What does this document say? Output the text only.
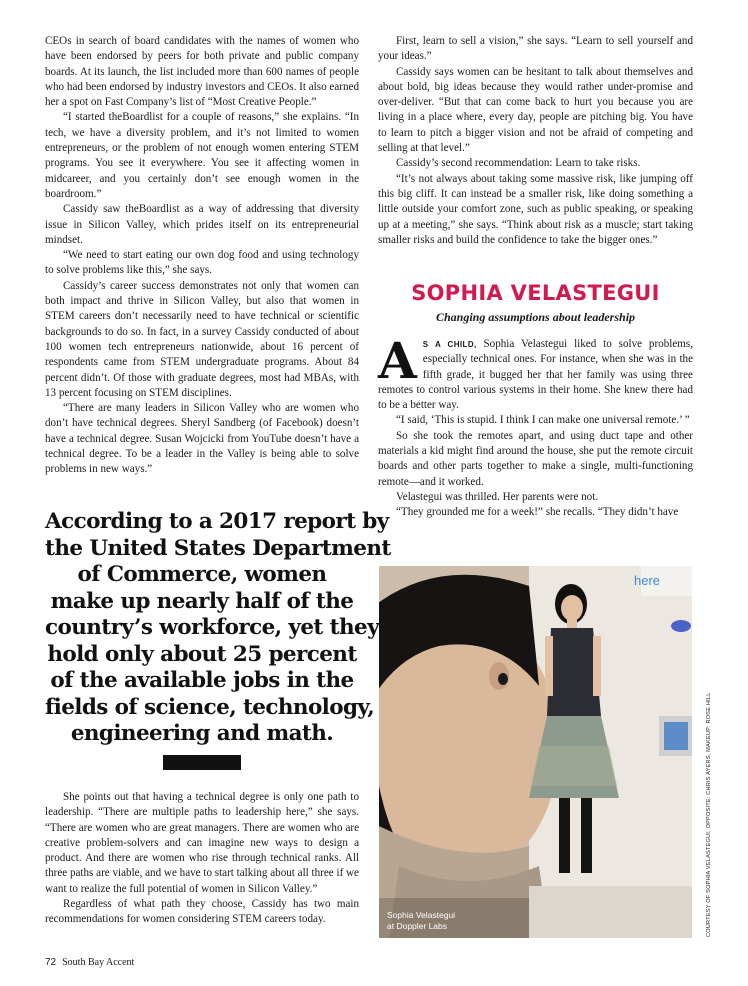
CEOs in search of board candidates with the names of women who have been endorsed by peers for both private and public company boards. At its launch, the list included more than 600 names of people who had been endorsed by industry investors and CEOs. It also earned her a spot on Fast Company’s list of “Most Creative People.”

“I started theBoardlist for a couple of reasons,” she explains. “In tech, we have a diversity problem, and it’s not limited to women entrepreneurs, or the problem of not enough women entering STEM programs. You see it everywhere. You see it affecting women in midcareer, and you certainly don’t see enough women in the boardroom.”

Cassidy saw theBoardlist as a way of addressing that diversity issue in Silicon Valley, which prides itself on its entrepreneurial mindset.

“We need to start eating our own dog food and using technology to solve problems like this,” she says.

Cassidy’s career success demonstrates not only that women can both impact and thrive in Silicon Valley, but also that women in STEM careers don’t necessarily need to have technical or scientific backgrounds to do so. In fact, in a survey Cassidy conducted of about 100 women tech entrepreneurs nationwide, about 16 percent of respondents came from STEM undergraduate programs. About 84 percent didn’t. Of those with graduate degrees, most had MBAs, with 13 percent focusing on STEM disciplines.

“There are many leaders in Silicon Valley who are women who don’t have technical degrees. Sheryl Sandberg (of Facebook) doesn’t have a technical degree. Susan Wojcicki from YouTube doesn’t have a technical degree. To be a leader in the Valley is being able to solve problems in new ways.”

According to a 2017 report by
the United States Department
of Commerce, women
make up nearly half of the
country’s workforce, yet they
hold only about 25 percent
of the available jobs in the
fields of science, technology,
engineering and math.

She points out that having a technical degree is only one path to leadership. “There are multiple paths to leadership here,” she says. “There are women who are great managers. There are women who are creative problem-solvers and can imagine new ways to design a product. And there are women who rise through technical ranks. All three paths are viable, and we have to start talking about all three if we want to realize the full potential of women in Silicon Valley.”

Regardless of what path they choose, Cassidy has two main recommendations for women considering STEM careers today.

First, learn to sell a vision,” she says. “Learn to sell yourself and your ideas.”

Cassidy says women can be hesitant to talk about themselves and about bold, big ideas because they would rather under-promise and over-deliver. “But that can come back to hurt you because you are living in a place where, every day, people are pitching big. You have to learn to pitch a bigger vision and not be afraid of competing and selling at that level.”

Cassidy’s second recommendation: Learn to take risks.

“It’s not always about taking some massive risk, like jumping off this big cliff. It can instead be a smaller risk, like doing something a little outside your comfort zone, such as public speaking, or speaking up at a meeting,” she says. “Think about risk as a muscle; start taking smaller risks and build the confidence to take the bigger ones.”

SOPHIA VELASTEGUI
Changing assumptions about leadership

A S A CHILD, Sophia Velastegui liked to solve problems, especially technical ones. For instance, when she was in the fifth grade, it bugged her that her family was using three remotes to control various systems in their home. She knew there had to be a better way.

“I said, ‘This is stupid. I think I can make one universal remote.’ ”

So she took the remotes apart, and using duct tape and other materials a kid might find around the house, she put the remote circuit boards and other parts together to make a single, multi-functioning remote—and it worked.

Velastegui was thrilled. Her parents were not.

“They grounded me for a week!” she recalls. “They didn’t have

here
Sophia Velastegui
at Doppler Labs	COURTESY OF SOPHIA VELASTEGUI; OPPOSITE: CHRIS AYERS, MAKEUP: ROSE HILL
72 South Bay Accent
